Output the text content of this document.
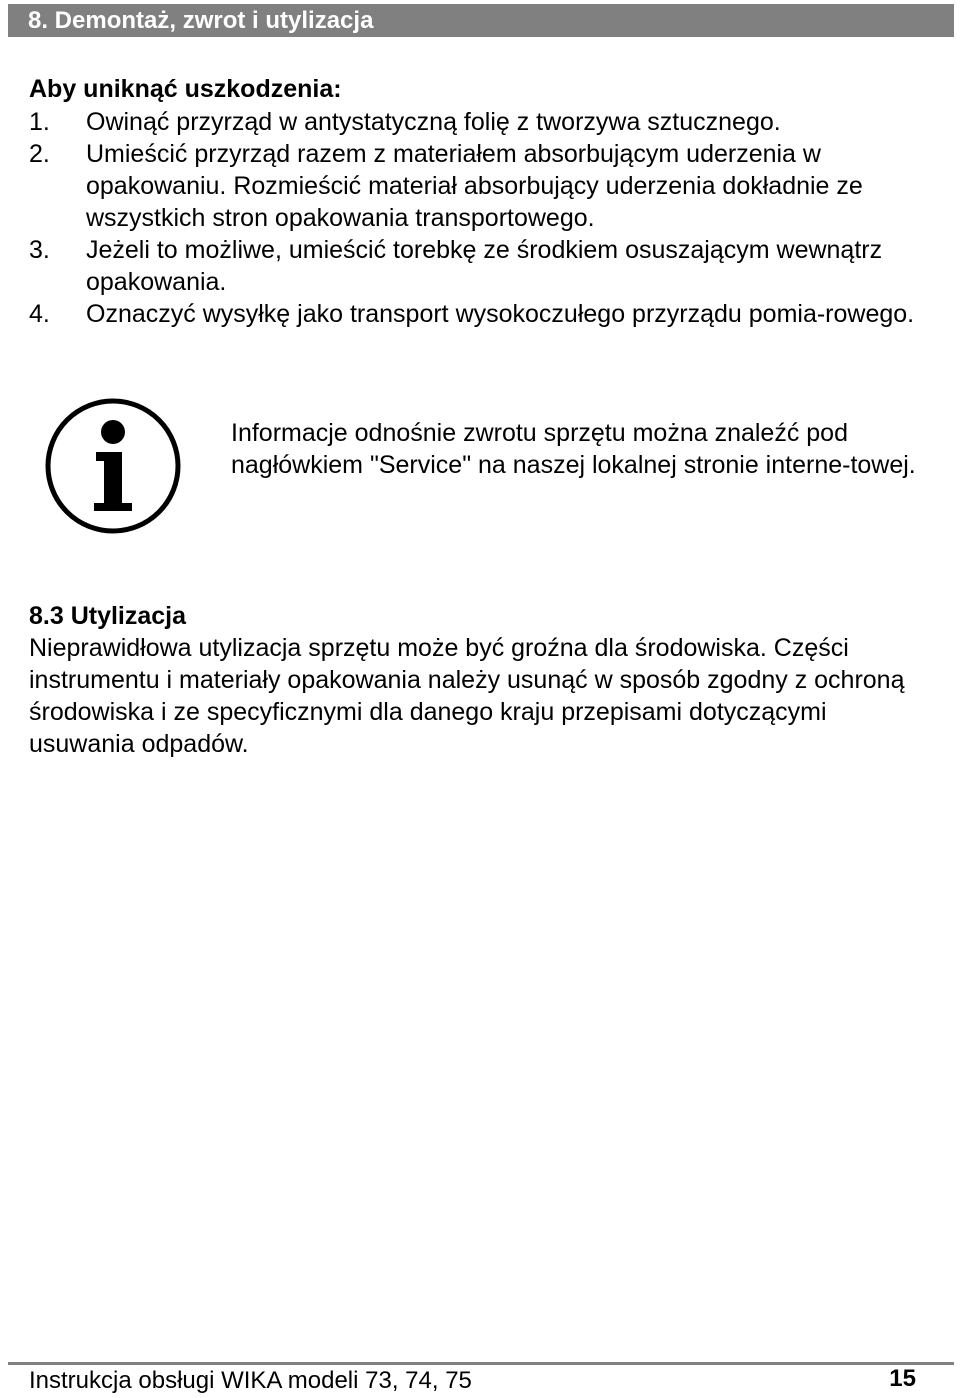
8. Demontaż, zwrot i utylizacja
Aby uniknąć uszkodzenia:
1. Owinąć przyrząd w antystatyczną folię z tworzywa sztucznego.
2. Umieścić przyrząd razem z materiałem absorbującym uderzenia w opakowaniu. Rozmieścić materiał absorbujący uderzenia dokładnie ze wszystkich stron opakowania transportowego.
3. Jeżeli to możliwe, umieścić torebkę ze środkiem osuszającym wewnątrz opakowania.
4. Oznaczyć wysyłkę jako transport wysokoczułego przyrządu pomia-rowego.
Informacje odnośnie zwrotu sprzętu można znaleźć pod nagłówkiem "Service" na naszej lokalnej stronie interne-towej.
8.3 Utylizacja
Nieprawidłowa utylizacja sprzętu może być groźna dla środowiska. Części instrumentu i materiały opakowania należy usunąć w sposób zgodny z ochroną środowiska i ze specyficznymi dla danego kraju przepisami dotyczącymi usuwania odpadów.
Instrukcja obsługi WIKA modeli 73, 74, 75	15
